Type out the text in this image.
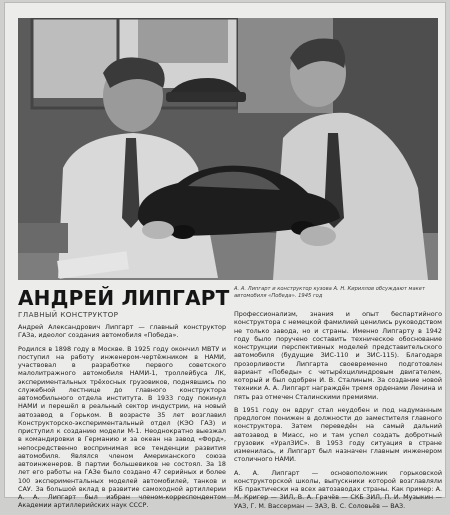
А. А. Липгарт и конструктор кузова А. Н. Кириллов обсуждают макет автомобиля «Победа». 1945 год
АНДРЕЙ ЛИПГАРТ
ГЛАВНЫЙ КОНСТРУКТОР

Андрей Александрович Липгарт — главный конструктор ГАЗа, идеолог создания автомобиля «Победа».

Родился в 1898 году в Москве. В 1925 году окончил МВТУ и поступил на работу инженером-чертёжником в НАМИ, участвовал в разработке первого советского малолитражного автомобиля НАМИ-1, троллейбуса ЛК, экспериментальных трёхосных грузовиков, поднявшись по служебной лестнице до главного конструктора автомобильного отдела института. В 1933 году покинул НАМИ и перешёл в реальный сектор индустрии, на новый автозавод в Горьком. В возрасте 35 лет возглавил Конструкторско-экспериментальный отдел (КЭО ГАЗ) и приступил к созданию модели М-1. Неоднократно выезжал в командировки в Германию и за океан на завод «Форд», непосредственно воспринимая все тенденции развития автомобиля. Являлся членом Американского союза автоинженеров. В партии большевиков не состоял. За 18 лет его работы на ГАЗе было создано 47 серийных и более 100 экспериментальных моделей автомобилей, танков и САУ. За большой вклад в развитие самоходной артиллерии А. А. Липгарт был избран членом-корреспондентом Академии артиллерийских наук СССР.

Профессионализм, знания и опыт беспартийного конструктора с немецкой фамилией ценились руководством не только завода, но и страны. Именно Липгарту в 1942 году было поручено составить техническое обоснование конструкции перспективных моделей представительского автомобиля (будущие ЗИС-110 и ЗИС-115). Благодаря прозорливости Липгарта своевременно подготовлен вариант «Победы» с четырёхцилиндровым двигателем, который и был одобрен И. В. Сталиным. За создание новой техники А. А. Липгарт награждён тремя орденами Ленина и пять раз отмечен Сталинскими премиями.

В 1951 году он вдруг стал неудобен и под надуманным предлогом понижен в должности до заместителя главного конструктора. Затем переведён на самый дальний автозавод в Миасс, но и там успел создать добротный грузовик «УралЗИС». В 1953 году ситуация в стране изменилась, и Липгарт был назначен главным инженером столичного НАМИ.

А. А. Липгарт — основоположник горьковской конструкторской школы, выпускники которой возглавляли КБ практически на всех автозаводах страны. Как пример: А. М. Кригер — ЗИЛ, В. А. Грачёв — СКБ ЗИЛ, П. И. Музыкин — УАЗ, Г. М. Вассерман — ЗАЗ, В. С. Соловьёв — ВАЗ.
